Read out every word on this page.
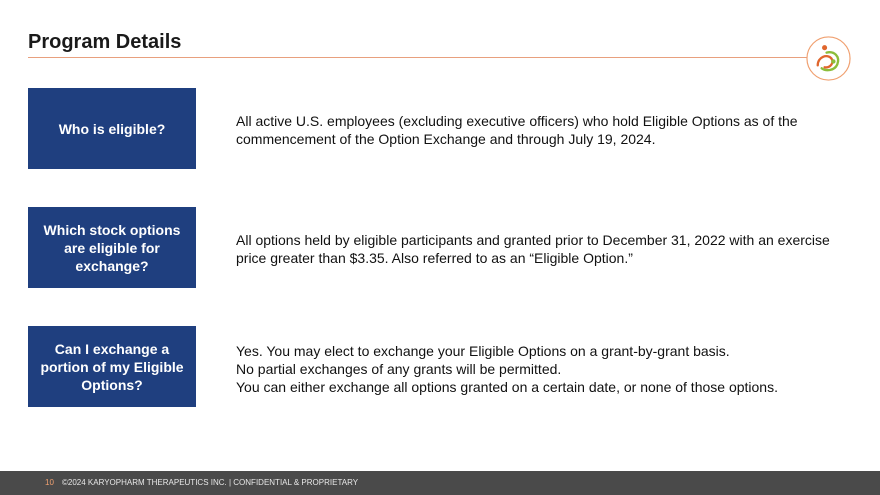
Program Details
Who is eligible?	All active U.S. employees (excluding executive officers) who hold Eligible Options as of the commencement of the Option Exchange and through July 19, 2024.

Which stock options are eligible for exchange?

All options held by eligible participants and granted prior to December 31, 2022 with an exercise price greater than $3.35. Also referred to as an “Eligible Option.”

Can I exchange a portion of my Eligible Options?

Yes. You may elect to exchange your Eligible Options on a grant-by-grant basis.

No partial exchanges of any grants will be permitted.

You can either exchange all options granted on a certain date, or none of those options.

10 ©2024 KARYOPHARM THERAPEUTICS INC. | CONFIDENTIAL & PROPRIETARY
